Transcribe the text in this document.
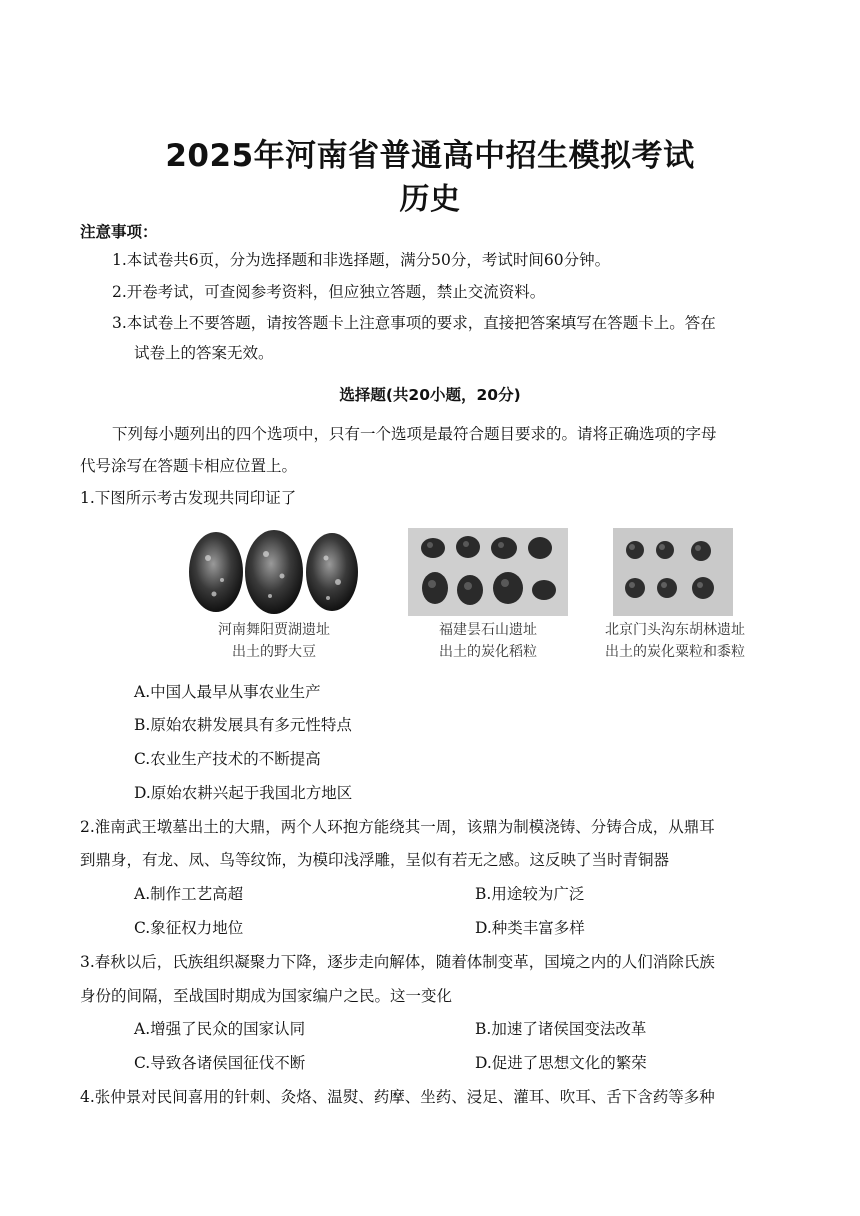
2025年河南省普通高中招生模拟考试
历史
注意事项：
1.本试卷共6页，分为选择题和非选择题，满分50分，考试时间60分钟。
2.开卷考试，可查阅参考资料，但应独立答题，禁止交流资料。
3.本试卷上不要答题，请按答题卡上注意事项的要求，直接把答案填写在答题卡上。答在
试卷上的答案无效。
选择题(共20小题，20分)
下列每小题列出的四个选项中，只有一个选项是最符合题目要求的。请将正确选项的字母
代号涂写在答题卡相应位置上。
1.下图所示考古发现共同印证了
河南舞阳贾湖遗址
出土的野大豆
福建昙石山遗址
出土的炭化稻粒
北京门头沟东胡林遗址
出土的炭化粟粒和黍粒
A.中国人最早从事农业生产
B.原始农耕发展具有多元性特点
C.农业生产技术的不断提高
D.原始农耕兴起于我国北方地区
2.淮南武王墩墓出土的大鼎，两个人环抱方能绕其一周，该鼎为制模浇铸、分铸合成，从鼎耳
到鼎身，有龙、凤、鸟等纹饰，为模印浅浮雕，呈似有若无之感。这反映了当时青铜器
A.制作工艺高超	B.用途较为广泛
C.象征权力地位	D.种类丰富多样
3.春秋以后，氏族组织凝聚力下降，逐步走向解体，随着体制变革，国境之内的人们消除氏族
身份的间隔，至战国时期成为国家编户之民。这一变化
A.增强了民众的国家认同	B.加速了诸侯国变法改革
C.导致各诸侯国征伐不断	D.促进了思想文化的繁荣
4.张仲景对民间喜用的针刺、灸烙、温熨、药摩、坐药、浸足、灌耳、吹耳、舌下含药等多种
